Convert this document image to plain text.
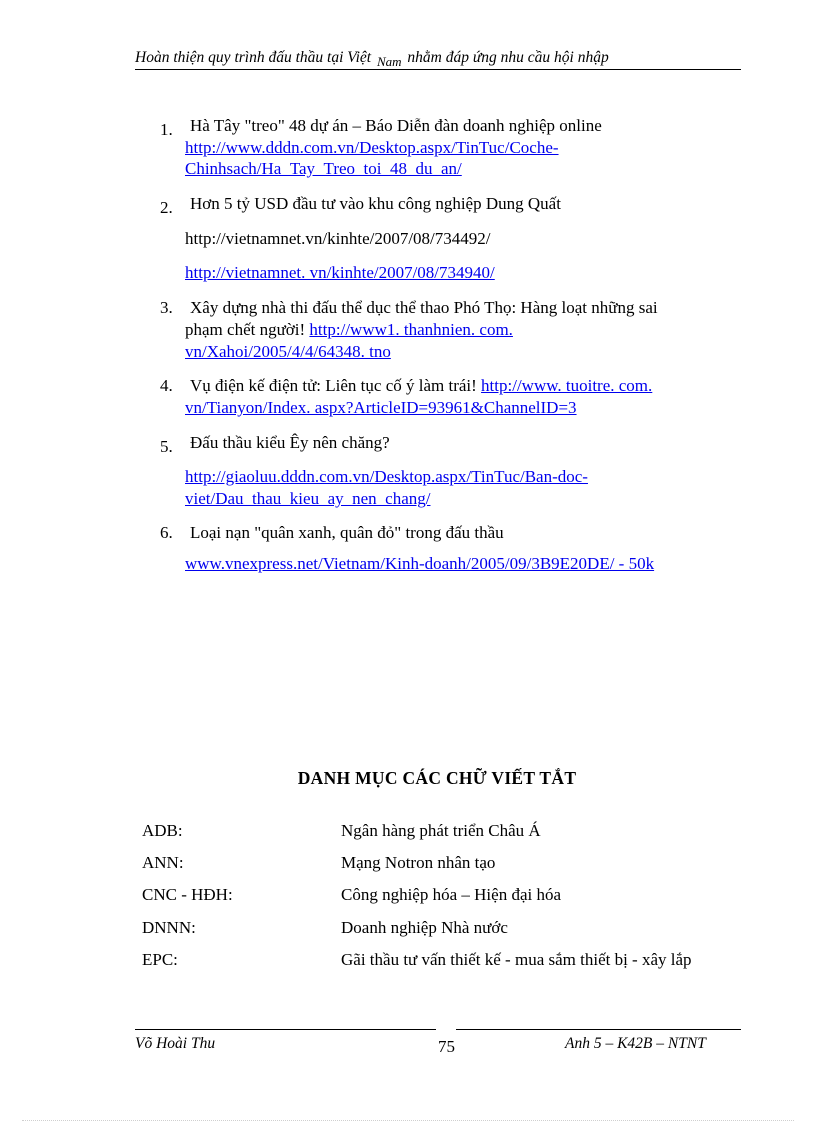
Hoàn thiện quy trình đấu thầu tại Việt $_{Nam}$ nhằm đáp ứng nhu cầu hội nhập
1. Hà Tây "treo" 48 dự án – Báo Diễn đàn doanh nghiệp online
http://www.dddn.com.vn/Desktop.aspx/TinTuc/Coche-
Chinhsach/Ha_Tay_Treo_toi_48_du_an/
2. Hơn 5 tỷ USD đầu tư vào khu công nghiệp Dung Quất
http://vietnamnet.vn/kinhte/2007/08/734492/
http://vietnamnet. vn/kinhte/2007/08/734940/
3. Xây dựng nhà thi đấu thể dục thể thao Phó Thọ: Hàng loạt những sai
phạm chết người! http://www1. thanhnien. com.
vn/Xahoi/2005/4/4/64348. tno
4. Vụ điện kế điện tử: Liên tục cố ý làm trái! http://www. tuoitre. com.
vn/Tianyon/Index. aspx?ArticleID=93961&ChannelID=3
5. Đấu thầu kiểu Êy nên chăng?
http://giaoluu.dddn.com.vn/Desktop.aspx/TinTuc/Ban-doc-
viet/Dau_thau_kieu_ay_nen_chang/
6. Loại nạn "quân xanh, quân đỏ" trong đấu thầu
www.vnexpress.net/Vietnam/Kinh-doanh/2005/09/3B9E20DE/ - 50k
DANH MỤC CÁC CHỮ VIẾT TẮT
ADB:	Ngân hàng phát triển Châu Á
ANN:	Mạng Notron nhân tạo
CNC - HĐH:	Công nghiệp hóa – Hiện đại hóa
DNNN:	Doanh nghiệp Nhà nước
EPC:	Gãi thầu tư vấn thiết kế - mua sắm thiết bị - xây lắp
Võ Hoài Thu	75	Anh 5 – K42B – NTNT
